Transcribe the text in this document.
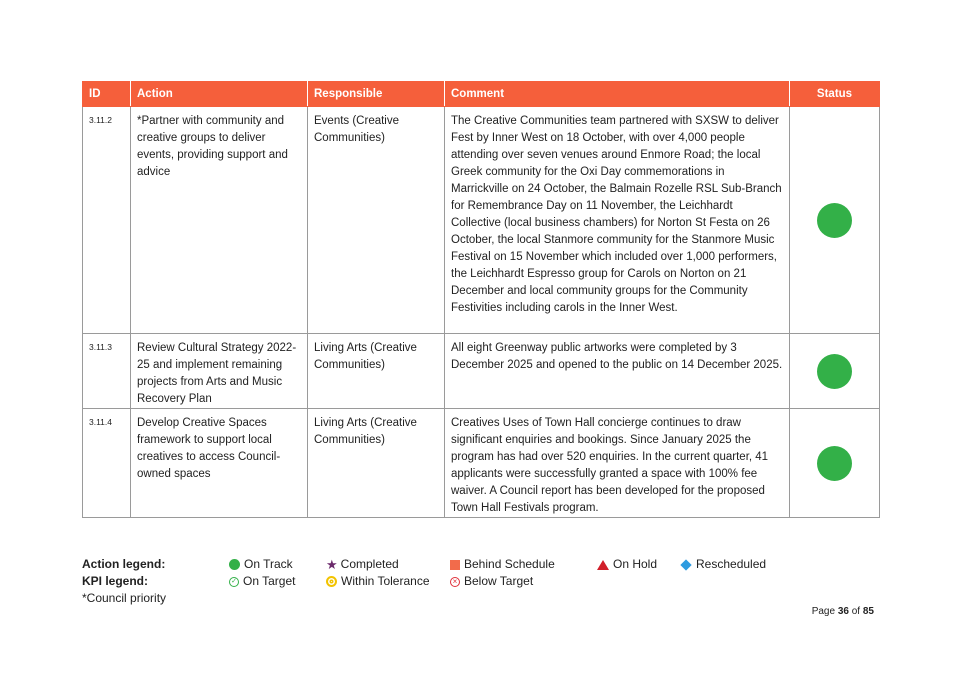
ID	Action	Responsible	Comment	Status
3.11.2	*Partner with community and creative groups to deliver events, providing support and advice	Events (Creative Communities)	The Creative Communities team partnered with SXSW to deliver Fest by Inner West on 18 October, with over 4,000 people attending over seven venues around Enmore Road; the local Greek community for the Oxi Day commemorations in Marrickville on 24 October, the Balmain Rozelle RSL Sub-Branch for Remembrance Day on 11 November, the Leichhardt Collective (local business chambers) for Norton St Festa on 26 October, the local Stanmore community for the Stanmore Music Festival on 15 November which included over 1,000 performers, the Leichhardt Espresso group for Carols on Norton on 21 December and local community groups for the Community Festivities including carols in the Inner West.	
3.11.3	Review Cultural Strategy 2022-25 and implement remaining projects from Arts and Music Recovery Plan	Living Arts (Creative Communities)	All eight Greenway public artworks were completed by 3 December 2025 and opened to the public on 14 December 2025.	
3.11.4	Develop Creative Spaces framework to support local creatives to access Council-owned spaces	Living Arts (Creative Communities)	Creatives Uses of Town Hall concierge continues to draw significant enquiries and bookings. Since January 2025 the program has had over 520 enquiries. In the current quarter, 41 applicants were successfully granted a space with 100% fee waiver. A Council report has been developed for the proposed Town Hall Festivals program.	
Action legend:
KPI legend:
*Council priority
On Track	★ Completed	Behind Schedule	On Hold	Rescheduled
✓ On Target	Within Tolerance	× Below Target
Page 36 of 85
